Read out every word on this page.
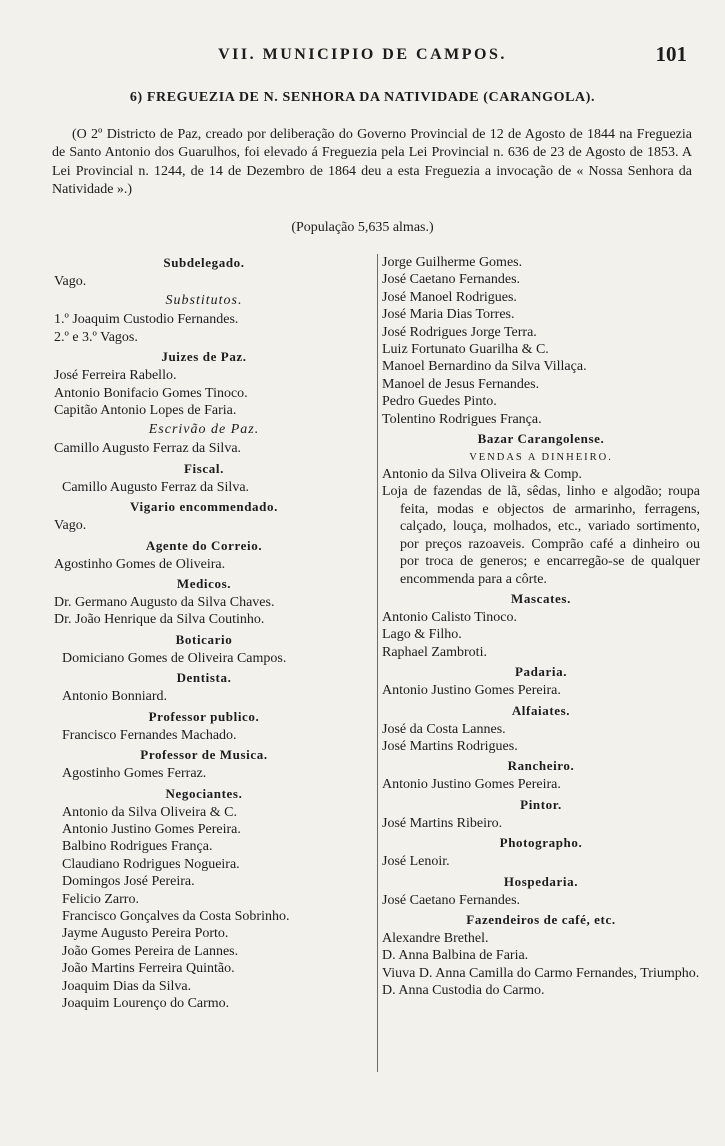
VII. MUNICIPIO DE CAMPOS.	101
6) FREGUEZIA DE N. SENHORA DA NATIVIDADE (CARANGOLA).
(O 2º Districto de Paz, creado por deliberação do Governo Provincial de 12 de Agosto de 1844 na Freguezia de Santo Antonio dos Guarulhos, foi elevado á Freguezia pela Lei Provincial n. 636 de 23 de Agosto de 1853. A Lei Provincial n. 1244, de 14 de Dezembro de 1864 deu a esta Freguezia a invocação de « Nossa Senhora da Natividade ».)
(População 5,635 almas.)
Subdelegado.
Vago.
Substitutos.
1.º Joaquim Custodio Fernandes.
2.º e 3.º Vagos.
Juizes de Paz.
José Ferreira Rabello.
Antonio Bonifacio Gomes Tinoco.
Capitão Antonio Lopes de Faria.
Escrivão de Paz.
Camillo Augusto Ferraz da Silva.
Fiscal.
Camillo Augusto Ferraz da Silva.
Vigario encommendado.
Vago.
Agente do Correio.
Agostinho Gomes de Oliveira.
Medicos.
Dr. Germano Augusto da Silva Chaves.
Dr. João Henrique da Silva Coutinho.
Boticario
Domiciano Gomes de Oliveira Campos.
Dentista.
Antonio Bonniard.
Professor publico.
Francisco Fernandes Machado.
Professor de Musica.
Agostinho Gomes Ferraz.
Negociantes.
Antonio da Silva Oliveira & C.
Antonio Justino Gomes Pereira.
Balbino Rodrigues França.
Claudiano Rodrigues Nogueira.
Domingos José Pereira.
Felicio Zarro.
Francisco Gonçalves da Costa Sobrinho.
Jayme Augusto Pereira Porto.
João Gomes Pereira de Lannes.
João Martins Ferreira Quintão.
Joaquim Dias da Silva.
Joaquim Lourenço do Carmo.
Jorge Guilherme Gomes.
José Caetano Fernandes.
José Manoel Rodrigues.
José Maria Dias Torres.
José Rodrigues Jorge Terra.
Luiz Fortunato Guarilha & C.
Manoel Bernardino da Silva Villaça.
Manoel de Jesus Fernandes.
Pedro Guedes Pinto.
Tolentino Rodrigues França.
Bazar Carangolense.
VENDAS A DINHEIRO.
Antonio da Silva Oliveira & Comp.
Loja de fazendas de lã, sêdas, linho e algodão; roupa feita, modas e objectos de armarinho, ferragens, calçado, louça, molhados, etc., variado sortimento, por preços razoaveis. Comprão café a dinheiro ou por troca de generos; e encarregão-se de qualquer encommenda para a côrte.
Mascates.
Antonio Calisto Tinoco.
Lago & Filho.
Raphael Zambroti.
Padaria.
Antonio Justino Gomes Pereira.
Alfaiates.
José da Costa Lannes.
José Martins Rodrigues.
Rancheiro.
Antonio Justino Gomes Pereira.
Pintor.
José Martins Ribeiro.
Photographo.
José Lenoir.
Hospedaria.
José Caetano Fernandes.
Fazendeiros de café, etc.
Alexandre Brethel.
D. Anna Balbina de Faria.
Viuva D. Anna Camilla do Carmo Fernandes, Triumpho.
D. Anna Custodia do Carmo.
